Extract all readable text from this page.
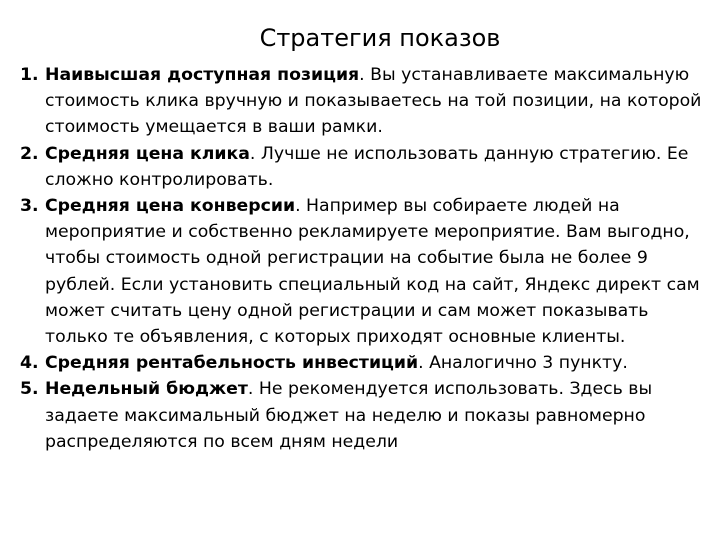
Стратегия показов
1. Наивысшая доступная позиция. Вы устанавливаете максимальную стоимость клика вручную и показываетесь на той позиции, на которой стоимость умещается в ваши рамки.
2. Средняя цена клика. Лучше не использовать данную стратегию. Ее сложно контролировать.
3. Средняя цена конверсии. Например вы собираете людей на мероприятие и собственно рекламируете мероприятие. Вам выгодно, чтобы стоимость одной регистрации на событие была не более 9 рублей. Если установить специальный код на сайт, Яндекс директ сам может считать цену одной регистрации и сам может показывать только те объявления, с которых приходят основные клиенты.
4. Средняя рентабельность инвестиций. Аналогично 3 пункту.
5. Недельный бюджет. Не рекомендуется использовать. Здесь вы задаете максимальный бюджет на неделю и показы равномерно распределяются по всем дням недели
